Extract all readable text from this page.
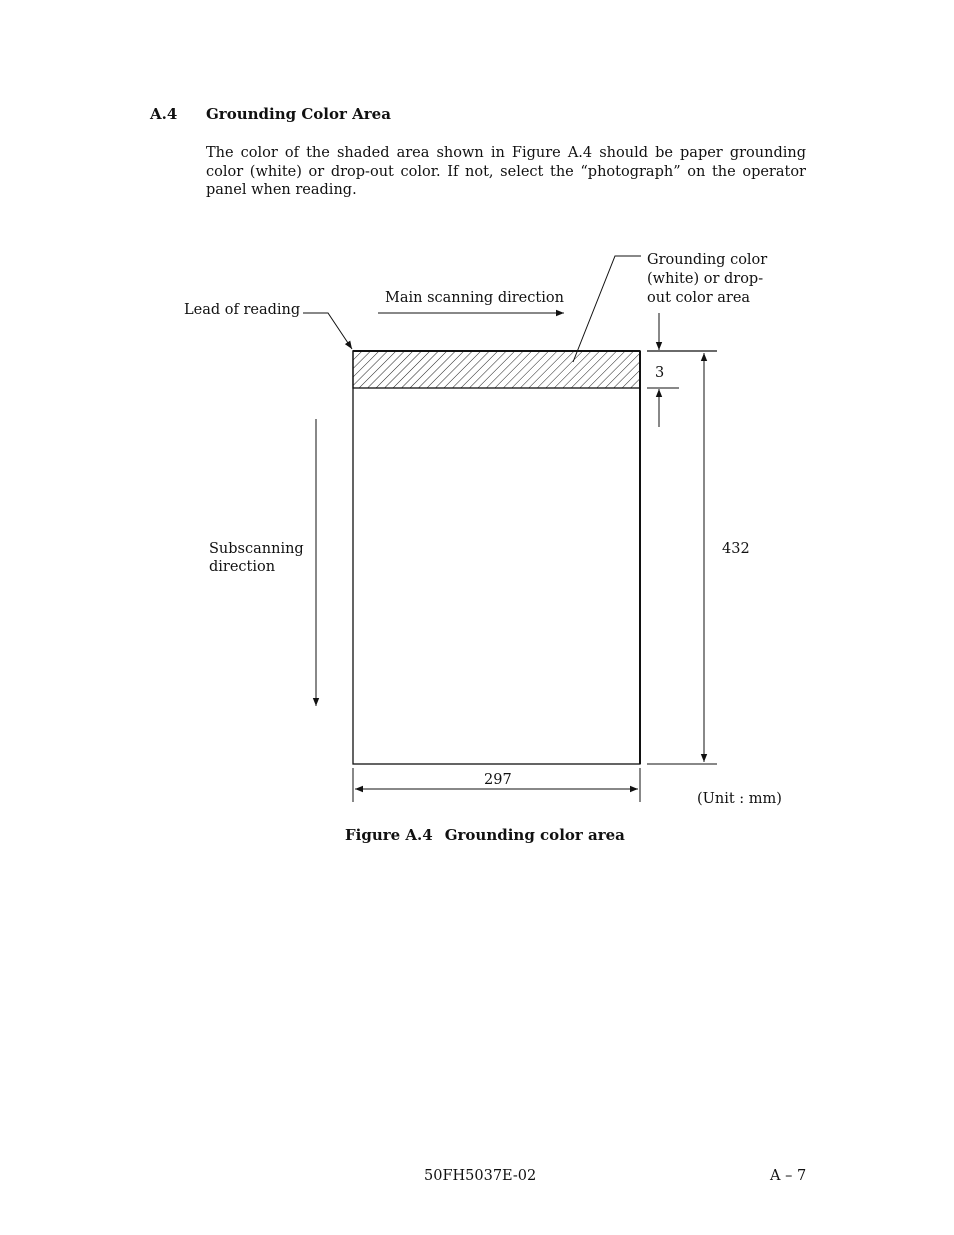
A.4 Grounding Color Area
The color of the shaded area shown in Figure A.4 should be paper grounding color (white) or drop-out color. If not, select the “photograph” on the operator panel when reading.
Lead of reading
Main scanning direction
Grounding color
(white) or drop-
out color area
3
432
Subscanning
direction
297
(Unit : mm)
Figure A.4 Grounding color area
50FH5037E-02	A – 7
